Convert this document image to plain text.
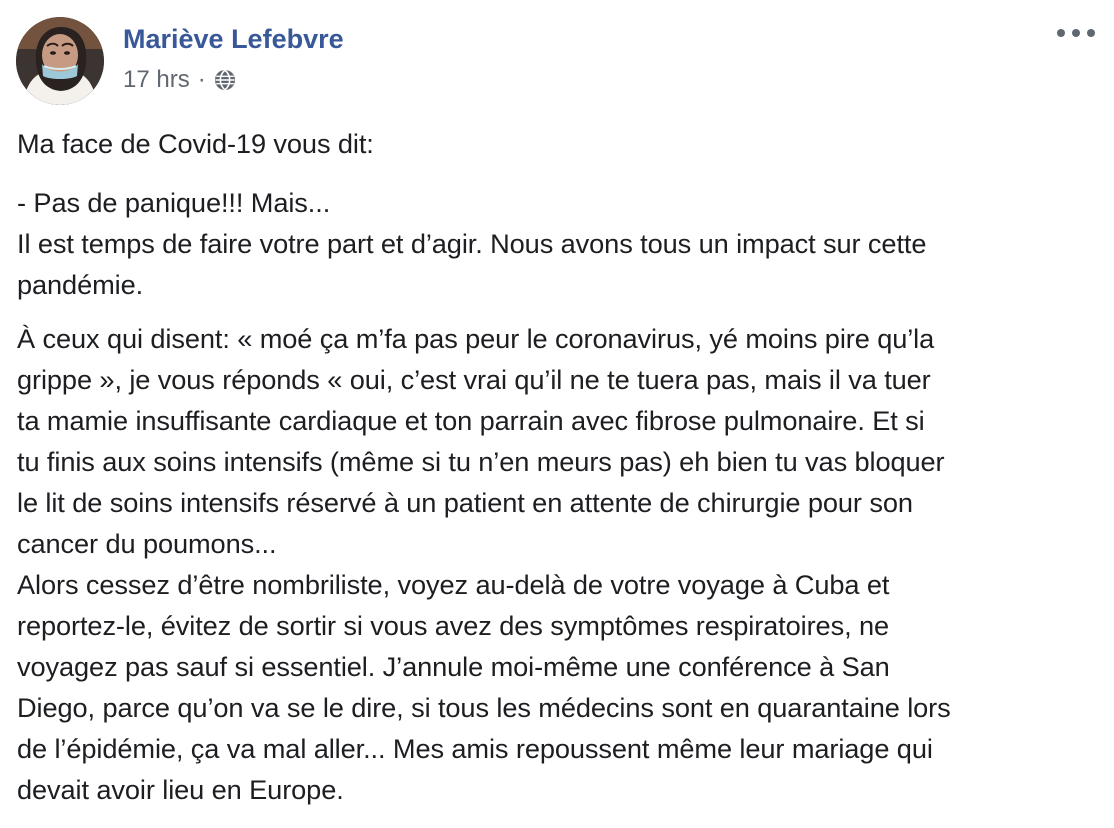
Mariève Lefebvre
17 hrs ·
Ma face de Covid-19 vous dit:
- Pas de panique!!! Mais...
Il est temps de faire votre part et d’agir. Nous avons tous un impact sur cette
pandémie.
À ceux qui disent: « moé ça m’fa pas peur le coronavirus, yé moins pire qu’la
grippe », je vous réponds « oui, c’est vrai qu’il ne te tuera pas, mais il va tuer
ta mamie insuffisante cardiaque et ton parrain avec fibrose pulmonaire. Et si
tu finis aux soins intensifs (même si tu n’en meurs pas) eh bien tu vas bloquer
le lit de soins intensifs réservé à un patient en attente de chirurgie pour son
cancer du poumons...
Alors cessez d’être nombriliste, voyez au-delà de votre voyage à Cuba et
reportez-le, évitez de sortir si vous avez des symptômes respiratoires, ne
voyagez pas sauf si essentiel. J’annule moi-même une conférence à San
Diego, parce qu’on va se le dire, si tous les médecins sont en quarantaine lors
de l’épidémie, ça va mal aller... Mes amis repoussent même leur mariage qui
devait avoir lieu en Europe.
